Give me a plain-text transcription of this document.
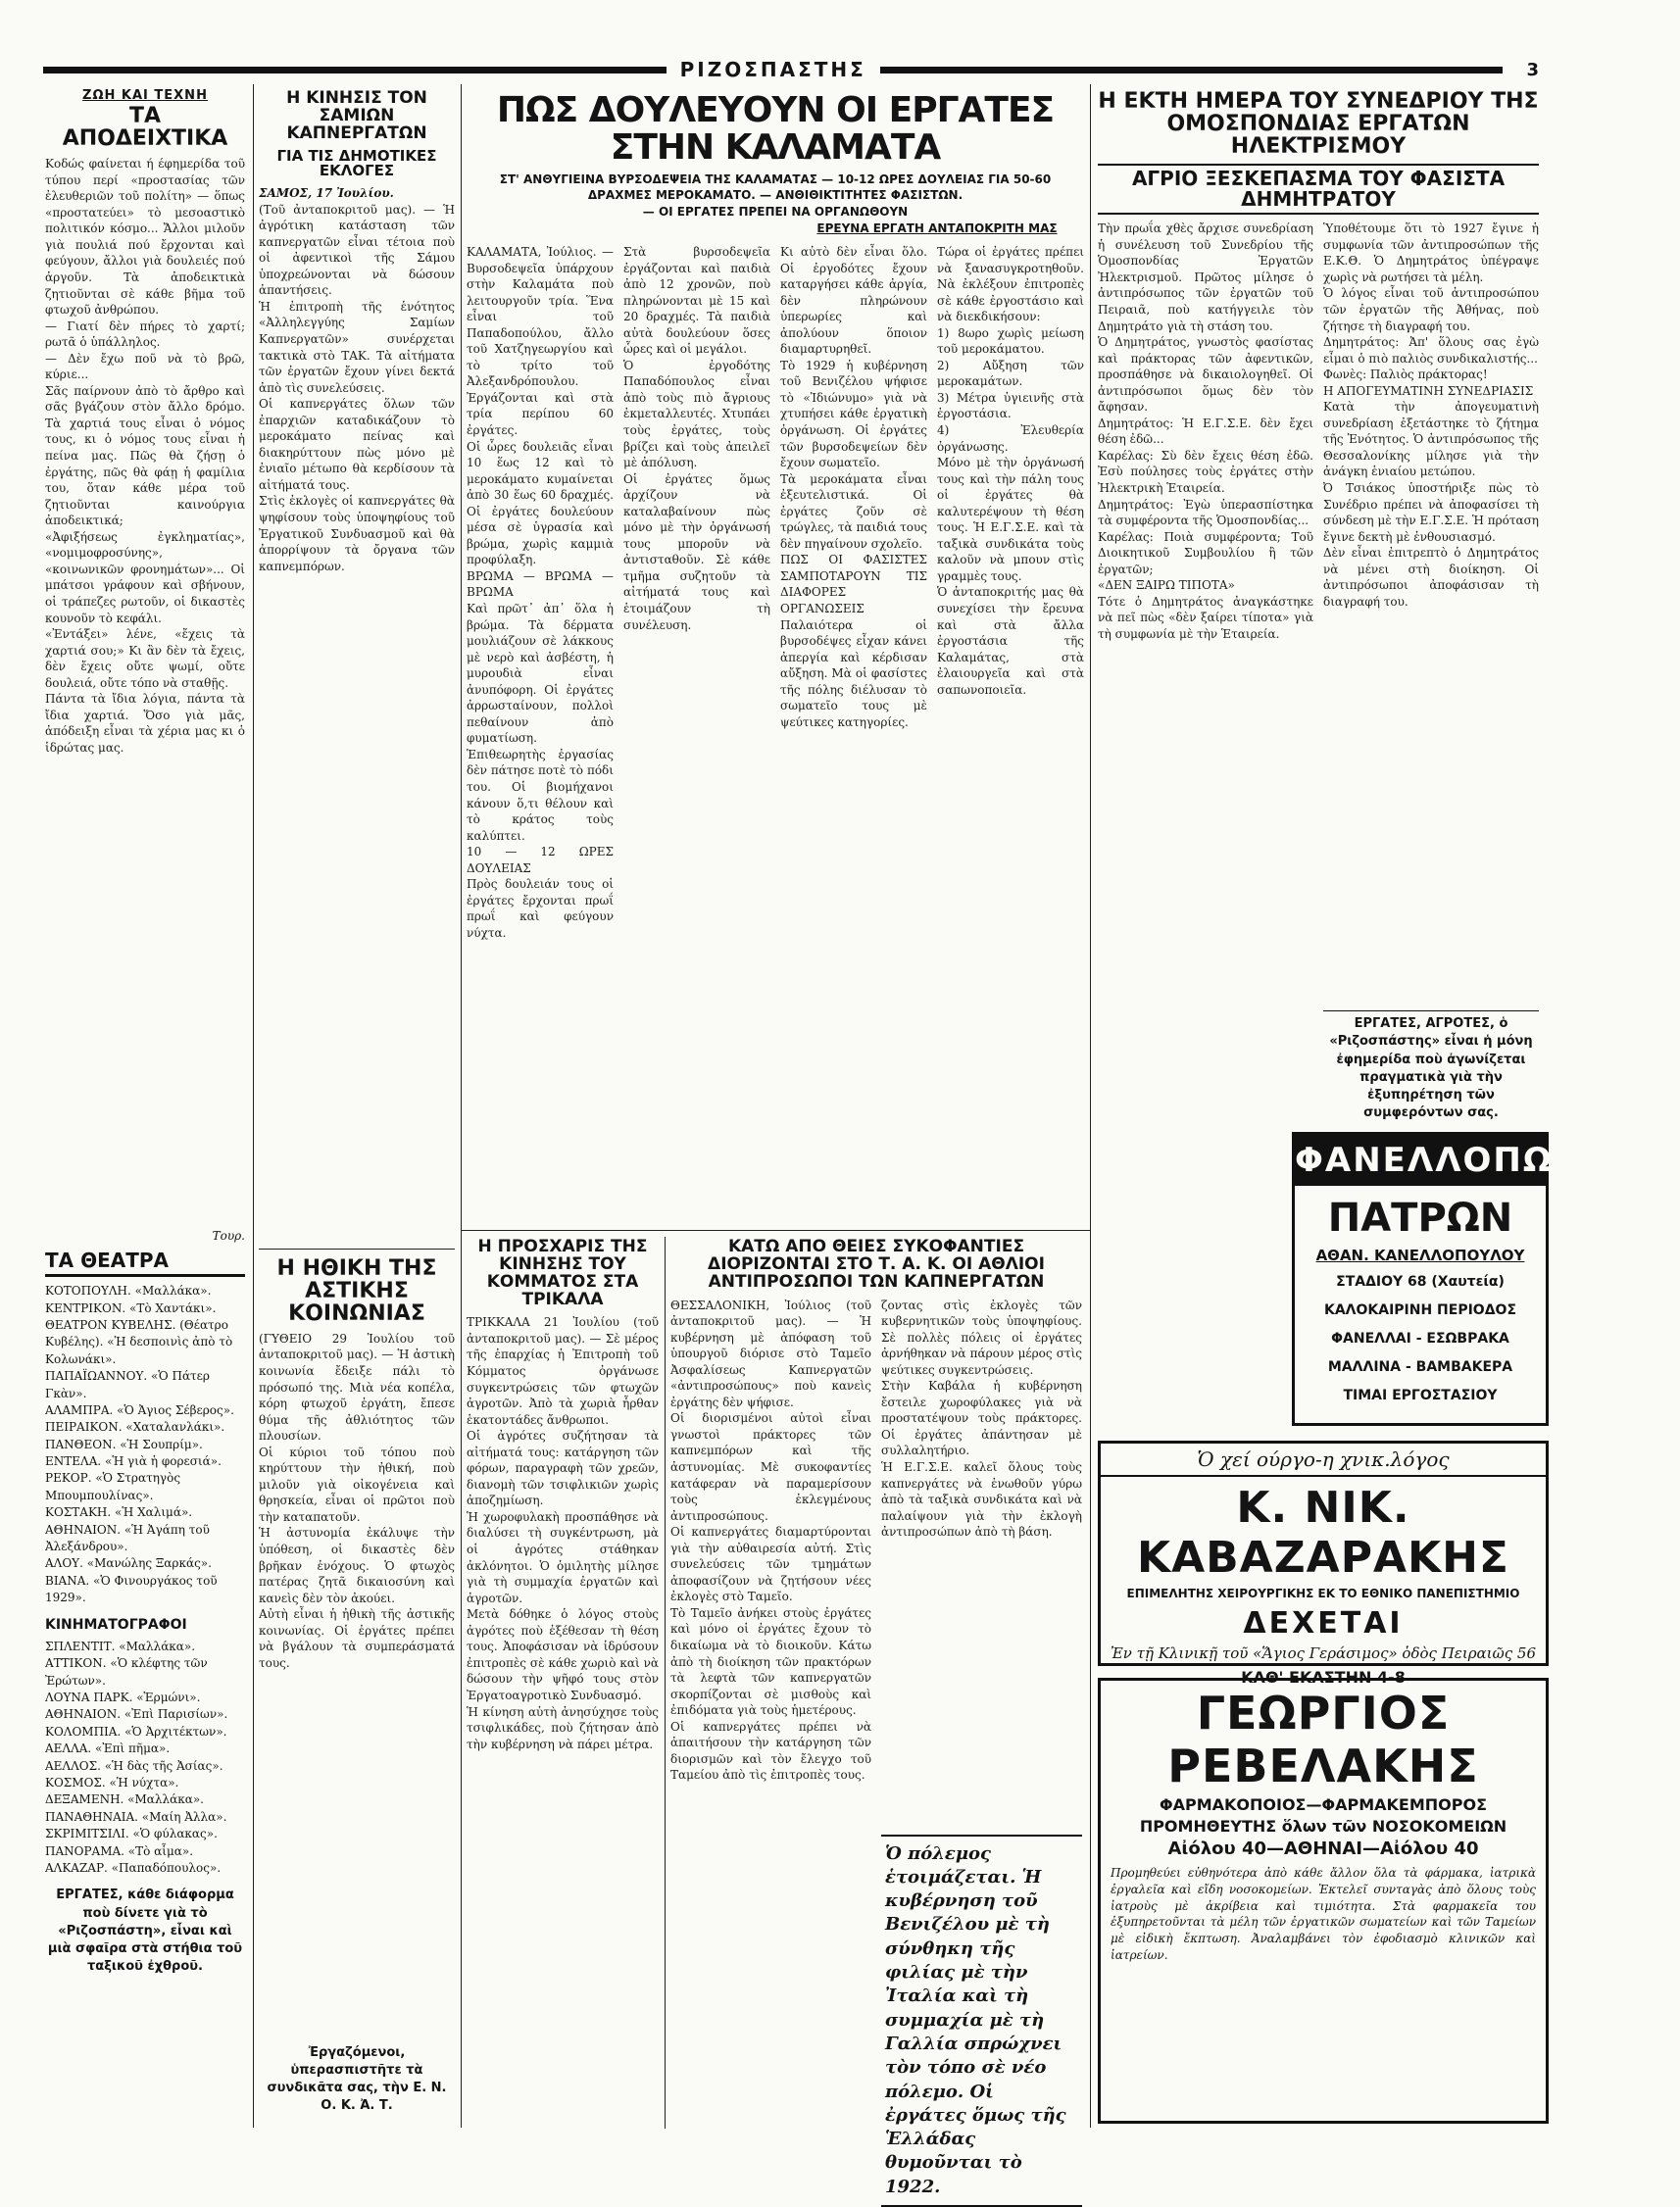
ΡΙΖΟΣΠΑΣΤΗΣ	3
ΖΩΗ ΚΑΙ ΤΕΧΝΗ
ΤΑ ΑΠΟΔΕΙΧΤΙΚΑ
Κοδώς φαίνεται ή έφημερίδα τοῦ τύπου περί «προστασίας τῶν ἐλευθεριῶν τοῦ πολίτη» — ὅπως «προστατεύει» τὸ μεσοαστικὸ πολιτικόν κόσμο... Ἄλλοι μιλοῦν γιὰ πουλιά πού ἔρχονται καὶ φεύγουν, ἄλλοι γιὰ δουλειές πού ἀργοῦν. Τὰ ἀποδεικτικὰ ζητιοῦνται σὲ κάθε βῆμα τοῦ φτωχοῦ ἀνθρώπου.
— Γιατί δὲν πήρες τὸ χαρτί; ρωτᾶ ὁ ὑπάλληλος.
— Δὲν ἔχω ποῦ νὰ τὸ βρῶ, κύριε...
Σᾶς παίρνουν ἀπὸ τὸ ἄρθρο καὶ σᾶς βγάζουν στὸν ἄλλο δρόμο. Τὰ χαρτιά τους εἶναι ὁ νόμος τους, κι ὁ νόμος τους εἶναι ἡ πείνα μας. Πῶς θὰ ζήσῃ ὁ ἐργάτης, πῶς θὰ φάῃ ἡ φαμίλια του, ὅταν κάθε μέρα τοῦ ζητιοῦνται καινούργια ἀποδεικτικά;
«Ἀφιξήσεως ἐγκληματίας», «νομιμοφροσύνης», «κοινωνικῶν φρονημάτων»... Οἱ μπάτσοι γράφουν καὶ σβήνουν, οἱ τράπεζες ρωτοῦν, οἱ δικαστὲς κουνοῦν τὸ κεφάλι.
«Ἐντάξει» λένε, «ἔχεις τὰ χαρτιά σου;» Κι ἂν δὲν τὰ ἔχεις, δὲν ἔχεις οὔτε ψωμί, οὔτε δουλειά, οὔτε τόπο νὰ σταθῇς.
Πάντα τὰ ἴδια λόγια, πάντα τὰ ἴδια χαρτιά. Ὅσο γιὰ μᾶς, ἀπόδειξη εἶναι τὰ χέρια μας κι ὁ ἱδρώτας μας.
Τουρ.
ΤΑ ΘΕΑΤΡΑ

ΚΟΤΟΠΟΥΛΗ. «Μαλλάκα».

ΚΕΝΤΡΙΚΟΝ. «Τὸ Χαντάκι».

ΘΕΑΤΡΟΝ ΚΥΒΕΛΗΣ. (Θέατρο Κυβέλης). «Ἡ δεσποινὶς ἀπὸ τὸ Κολωνάκι».

ΠΑΠΑΪΩΑΝΝΟΥ. «Ὁ Πάτερ Γκὰν».

ΑΛΑΜΠΡΑ. «Ὁ Ἀγιος Σέβερος».

ΠΕΙΡΑΙΚΟΝ. «Χαταλανλάκι».

ΠΑΝΘΕΟΝ. «Ἡ Σουπρίμ».

ΕΝΤΕΛΑ. «Ἡ γιὰ ἡ φορεσιά».

ΡΕΚΟΡ. «Ὁ Στρατηγὸς Μπουμπουλίνας».

ΚΟΣΤΑΚΗ. «Ἡ Χαλιμά».

ΑΘΗΝΑΙΟΝ. «Ἡ Ἀγάπη τοῦ Ἀλεξάνδρου».

ΑΛΟΥ. «Μανώλης Ξαρκάς».

ΒΙΑΝΑ. «Ὁ Φινουργάκος τοῦ 1929».

ΚΙΝΗΜΑΤΟΓΡΑΦΟΙ

ΣΠΛΕΝΤΙΤ. «Μαλλάκα».

ΑΤΤΙΚΟΝ. «Ὁ κλέφτης τῶν Ἐρώτων».

ΛΟΥΝΑ ΠΑΡΚ. «Ἑρμώνι».

ΑΘΗΝΑΙΟΝ. «Ἐπὶ Παρισίων».

ΚΟΛΟΜΠΙΑ. «Ὁ Ἀρχιτέκτων».

ΑΕΛΛΑ. «Ἐπὶ πῆμα».

ΑΕΛΛΟΣ. «Ἡ δὰς τῆς Ἀσίας».

ΚΟΣΜΟΣ. «Ἡ νύχτα».

ΔΕΞΑΜΕΝΗ. «Μαλλάκα».

ΠΑΝΑΘΗΝΑΙΑ. «Μαίη Ἀλλα».

ΣΚΡΙΜΙΤΣΙΛΙ. «Ὁ φύλακας».

ΠΑΝΟΡΑΜΑ. «Τὸ αἷμα».

ΑΛΚΑΖΑΡ. «Παπαδόπουλος».

ΕΡΓΑΤΕΣ, κάθε διάφορμα ποὺ δίνετε γιὰ τὸ «Ριζοσπάστη», εἶναι καὶ μιὰ σφαῖρα στὰ στήθια τοῦ ταξικοῦ ἐχθροῦ.
Η ΚΙΝΗΣΙΣ ΤΟΝ ΣΑΜΙΩΝ ΚΑΠΝΕΡΓΑΤΩΝ
ΓΙΑ ΤΙΣ ΔΗΜΟΤΙΚΕΣ ΕΚΛΟΓΕΣ
ΣΑΜΟΣ, 17 Ἰουλίου.
(Τοῦ ἀνταποκριτοῦ μας). — Ἡ ἀγρότικη κατάσταση τῶν καπνεργατῶν εἶναι τέτοια ποὺ οἱ ἀφεντικοὶ τῆς Σάμου ὑποχρεώνονται νὰ δώσουν ἀπαντήσεις.
Ἡ ἐπιτροπὴ τῆς ἑνότητος «Ἀλληλεγγύης Σαμίων Καπνεργατῶν» συνέρχεται τακτικὰ στὸ ΤΑΚ. Τὰ αἰτήματα τῶν ἐργατῶν ἔχουν γίνει δεκτά ἀπὸ τὶς συνελεύσεις.
Οἱ καπνεργάτες ὅλων τῶν ἐπαρχιῶν καταδικάζουν τὸ μεροκάματο πείνας καὶ διακηρύττουν πὼς μόνο μὲ ἐνιαῖο μέτωπο θὰ κερδίσουν τὰ αἰτήματά τους.
Στὶς ἐκλογὲς οἱ καπνεργάτες θὰ ψηφίσουν τοὺς ὑποψηφίους τοῦ Ἐργατικοῦ Συνδυασμοῦ καὶ θὰ ἀπορρίψουν τὰ ὄργανα τῶν καπνεμπόρων.
Η ΗΘΙΚΗ ΤΗΣ ΑΣΤΙΚΗΣ ΚΟΙΝΩΝΙΑΣ
(ΓΥΘΕΙΟ 29 Ἰουλίου τοῦ ἀνταποκριτοῦ μας). — Ἡ ἀστικὴ κοινωνία ἔδειξε πάλι τὸ πρόσωπό της. Μιὰ νέα κοπέλα, κόρη φτωχοῦ ἐργάτη, ἔπεσε θύμα τῆς ἀθλιότητος τῶν πλουσίων.
Οἱ κύριοι τοῦ τόπου ποὺ κηρύττουν τὴν ἠθική, ποὺ μιλοῦν γιὰ οἰκογένεια καὶ θρησκεία, εἶναι οἱ πρῶτοι ποὺ τὴν καταπατοῦν.
Ἡ ἀστυνομία ἐκάλυψε τὴν ὑπόθεση, οἱ δικαστὲς δὲν βρῆκαν ἐνόχους. Ὁ φτωχὸς πατέρας ζητᾶ δικαιοσύνη καὶ κανεὶς δὲν τὸν ἀκούει.
Αὐτὴ εἶναι ἡ ἠθικὴ τῆς ἀστικῆς κοινωνίας. Οἱ ἐργάτες πρέπει νὰ βγάλουν τὰ συμπεράσματά τους.
Ἐργαζόμενοι, ὑπερασπιστῆτε τὰ συνδικᾶτα σας, τὴν Ε. Ν. Ο. Κ. Ἀ. Τ.
ΠΩΣ ΔΟΥΛΕΥΟΥΝ ΟΙ ΕΡΓΑΤΕΣ ΣΤΗΝ ΚΑΛΑΜΑΤΑ
ΣΤ' ΑΝΘΥΓΙΕΙΝΑ ΒΥΡΣΟΔΕΨΕΙΑ ΤΗΣ ΚΑΛΑΜΑΤΑΣ — 10-12 ΩΡΕΣ ΔΟΥΛΕΙΑΣ ΓΙΑ 50-60
ΔΡΑΧΜΕΣ ΜΕΡΟΚΑΜΑΤΟ. — ΑΝΘΙΘΙΚΤΙΤΗΤΕΣ ΦΑΣΙΣΤΩΝ.
— ΟΙ ΕΡΓΑΤΕΣ ΠΡΕΠΕΙ ΝΑ ΟΡΓΑΝΩΘΟΥΝ
ΕΡΕΥΝΑ ΕΡΓΑΤΗ ΑΝΤΑΠΟΚΡΙΤΗ ΜΑΣ
ΚΑΛΑΜΑΤΑ, Ἰούλιος. — Βυρσοδεψεῖα ὑπάρχουν στὴν Καλαμάτα ποὺ λειτουργοῦν τρία. Ἕνα εἶναι τοῦ Παπαδοπούλου, ἄλλο τοῦ Χατζηγεωργίου καὶ τὸ τρίτο τοῦ Ἀλεξανδρόπουλου. Ἐργάζονται καὶ στὰ τρία περίπου 60 ἐργάτες.
Οἱ ὧρες δουλειᾶς εἶναι 10 ἕως 12 καὶ τὸ μεροκάματο κυμαίνεται ἀπὸ 30 ἕως 60 δραχμές. Οἱ ἐργάτες δουλεύουν μέσα σὲ ὑγρασία καὶ βρώμα, χωρὶς καμμιὰ προφύλαξη.
ΒΡΩΜΑ — ΒΡΩΜΑ — ΒΡΩΜΑ
Καὶ πρῶτ᾽ ἀπ᾽ ὅλα ἡ βρώμα. Τὰ δέρματα μουλιάζουν σὲ λάκκους μὲ νερὸ καὶ ἀσβέστη, ἡ μυρουδιὰ εἶναι ἀνυπόφορη. Οἱ ἐργάτες ἀρρωσταίνουν, πολλοὶ πεθαίνουν ἀπὸ φυματίωση.
Ἑπιθεωρητὴς ἐργασίας δὲν πάτησε ποτὲ τὸ πόδι του. Οἱ βιομήχανοι κάνουν ὅ,τι θέλουν καὶ τὸ κράτος τοὺς καλύπτει.
10 — 12 ΩΡΕΣ ΔΟΥΛΕΙΑΣ
Πρὸς δουλειάν τους οἱ ἐργάτες ἔρχονται πρωΐ πρωΐ καὶ φεύγουν νύχτα.
Στὰ βυρσοδεψεῖα ἐργάζονται καὶ παιδιὰ ἀπὸ 12 χρονῶν, ποὺ πληρώνονται μὲ 15 καὶ 20 δραχμές. Τὰ παιδιὰ αὐτὰ δουλεύουν ὅσες ὧρες καὶ οἱ μεγάλοι.
Ὁ ἐργοδότης Παπαδόπουλος εἶναι ἀπὸ τοὺς πιὸ ἄγριους ἐκμεταλλευτές. Χτυπάει τοὺς ἐργάτες, τοὺς βρίζει καὶ τοὺς ἀπειλεῖ μὲ ἀπόλυση.
Οἱ ἐργάτες ὅμως ἀρχίζουν νὰ καταλαβαίνουν πὼς μόνο μὲ τὴν ὀργάνωσή τους μποροῦν νὰ ἀντισταθοῦν. Σὲ κάθε τμῆμα συζητοῦν τὰ αἰτήματά τους καὶ ἑτοιμάζουν τὴ συνέλευση.
Κι αὐτὸ δὲν εἶναι ὅλο. Οἱ ἐργοδότες ἔχουν καταργήσει κάθε ἀργία, δὲν πληρώνουν ὑπερωρίες καὶ ἀπολύουν ὅποιον διαμαρτυρηθεῖ.
Τὸ 1929 ἡ κυβέρνηση τοῦ Βενιζέλου ψήφισε τὸ «Ἰδιώνυμο» γιὰ νὰ χτυπήσει κάθε ἐργατικὴ ὀργάνωση. Οἱ ἐργάτες τῶν βυρσοδεψείων δὲν ἔχουν σωματεῖο.
Τὰ μεροκάματα εἶναι ἐξευτελιστικά. Οἱ ἐργάτες ζοῦν σὲ τρώγλες, τὰ παιδιά τους δὲν πηγαίνουν σχολεῖο.
ΠΩΣ ΟΙ ΦΑΣΙΣΤΕΣ ΣΑΜΠΟΤΑΡΟΥΝ ΤΙΣ ΔΙΑΦΟΡΕΣ ΟΡΓΑΝΩΣΕΙΣ
Παλαιότερα οἱ βυρσοδέψες εἶχαν κάνει ἀπεργία καὶ κέρδισαν αὔξηση. Μὰ οἱ φασίστες τῆς πόλης διέλυσαν τὸ σωματεῖο τους μὲ ψεύτικες κατηγορίες.
Τώρα οἱ ἐργάτες πρέπει νὰ ξανασυγκροτηθοῦν. Νὰ ἐκλέξουν ἐπιτροπὲς σὲ κάθε ἐργοστάσιο καὶ νὰ διεκδικήσουν:
1) 8ωρο χωρὶς μείωση τοῦ μεροκάματου.
2) Αὔξηση τῶν μεροκαμάτων.
3) Μέτρα ὑγιεινῆς στὰ ἐργοστάσια.
4) Ἐλευθερία ὀργάνωσης.
Μόνο μὲ τὴν ὀργάνωσή τους καὶ τὴν πάλη τους οἱ ἐργάτες θὰ καλυτερέψουν τὴ θέση τους. Ἡ Ε.Γ.Σ.Ε. καὶ τὰ ταξικὰ συνδικάτα τοὺς καλοῦν νὰ μπουν στὶς γραμμὲς τους.
Ὁ ἀνταποκριτής μας θὰ συνεχίσει τὴν ἔρευνα καὶ στὰ ἄλλα ἐργοστάσια τῆς Καλαμάτας, στὰ ἐλαιουργεῖα καὶ στὰ σαπωνοποιεῖα.
Η ΠΡΟΣΧΑΡΙΣ ΤΗΣ ΚΙΝΗΣΗΣ ΤΟΥ ΚΟΜΜΑΤΟΣ ΣΤΑ ΤΡΙΚΑΛΑ
ΤΡΙΚΚΑΛΑ 21 Ἰουλίου (τοῦ ἀνταποκριτοῦ μας). — Σὲ μέρος τῆς ἐπαρχίας ἡ Ἐπιτροπὴ τοῦ Κόμματος ὀργάνωσε συγκεντρώσεις τῶν φτωχῶν ἀγροτῶν. Ἀπὸ τὰ χωριὰ ἦρθαν ἑκατοντάδες ἄνθρωποι.
Οἱ ἀγρότες συζήτησαν τὰ αἰτήματά τους: κατάργηση τῶν φόρων, παραγραφὴ τῶν χρεῶν, διανομὴ τῶν τσιφλικιῶν χωρὶς ἀποζημίωση.
Ἡ χωροφυλακὴ προσπάθησε νὰ διαλύσει τὴ συγκέντρωση, μὰ οἱ ἀγρότες στάθηκαν ἀκλόνητοι. Ὁ ὁμιλητὴς μίλησε γιὰ τὴ συμμαχία ἐργατῶν καὶ ἀγροτῶν.
Μετὰ δόθηκε ὁ λόγος στοὺς ἀγρότες ποὺ ἐξέθεσαν τὴ θέση τους. Ἀποφάσισαν νὰ ἱδρύσουν ἐπιτροπὲς σὲ κάθε χωριὸ καὶ νὰ δώσουν τὴν ψῆφό τους στὸν Ἐργατοαγροτικὸ Συνδυασμό.
Ἡ κίνηση αὐτὴ ἀνησύχησε τοὺς τσιφλικάδες, ποὺ ζήτησαν ἀπὸ τὴν κυβέρνηση νὰ πάρει μέτρα.
ΚΑΤΩ ΑΠΟ ΘΕΙΕΣ ΣΥΚΟΦΑΝΤΙΕΣ ΔΙΟΡΙΖΟΝΤΑΙ ΣΤΟ Τ. Α. Κ. ΟΙ ΑΘΛΙΟΙ ΑΝΤΙΠΡΟΣΩΠΟΙ ΤΩΝ ΚΑΠΝΕΡΓΑΤΩΝ
ΘΕΣΣΑΛΟΝΙΚΗ, Ἰούλιος (τοῦ ἀνταποκριτοῦ μας). — Ἡ κυβέρνηση μὲ ἀπόφαση τοῦ ὑπουργοῦ διόρισε στὸ Ταμεῖο Ἀσφαλίσεως Καπνεργατῶν «ἀντιπροσώπους» ποὺ κανεὶς ἐργάτης δὲν ψήφισε.
Οἱ διορισμένοι αὐτοὶ εἶναι γνωστοὶ πράκτορες τῶν καπνεμπόρων καὶ τῆς ἀστυνομίας. Μὲ συκοφαντίες κατάφεραν νὰ παραμερίσουν τοὺς ἐκλεγμένους ἀντιπροσώπους.
Οἱ καπνεργάτες διαμαρτύρονται γιὰ τὴν αὐθαιρεσία αὐτή. Στὶς συνελεύσεις τῶν τμημάτων ἀποφασίζουν νὰ ζητήσουν νέες ἐκλογὲς στὸ Ταμεῖο.
Τὸ Ταμεῖο ἀνήκει στοὺς ἐργάτες καὶ μόνο οἱ ἐργάτες ἔχουν τὸ δικαίωμα νὰ τὸ διοικοῦν. Κάτω ἀπὸ τὴ διοίκηση τῶν πρακτόρων τὰ λεφτὰ τῶν καπνεργατῶν σκορπίζονται σὲ μισθοὺς καὶ ἐπιδόματα γιὰ τοὺς ἡμετέρους.
Οἱ καπνεργάτες πρέπει νὰ ἀπαιτήσουν τὴν κατάργηση τῶν διορισμῶν καὶ τὸν ἔλεγχο τοῦ Ταμείου ἀπὸ τὶς ἐπιτροπὲς τους.
ζοντας στὶς ἐκλογὲς τῶν κυβερνητικῶν τοὺς ὑποψηφίους. Σὲ πολλὲς πόλεις οἱ ἐργάτες ἀρνήθηκαν νὰ πάρουν μέρος στὶς ψεύτικες συγκεντρώσεις.
Στὴν Καβάλα ἡ κυβέρνηση ἔστειλε χωροφύλακες γιὰ νὰ προστατέψουν τοὺς πράκτορες. Οἱ ἐργάτες ἀπάντησαν μὲ συλλαλητήριο.
Ἡ Ε.Γ.Σ.Ε. καλεῖ ὅλους τοὺς καπνεργάτες νὰ ἑνωθοῦν γύρω ἀπὸ τὰ ταξικὰ συνδικάτα καὶ νὰ παλαίψουν γιὰ τὴν ἐκλογὴ ἀντιπροσώπων ἀπὸ τὴ βάση.
Ὁ πόλεμος ἑτοιμάζεται. Ἡ κυβέρνηση τοῦ Βενιζέλου μὲ τὴ σύνθηκη τῆς φιλίας μὲ τὴν Ἰταλία καὶ τὴ συμμαχία μὲ τὴ Γαλλία σπρώχνει τὸν τόπο σὲ νέο πόλεμο. Οἱ ἐργάτες ὅμως τῆς Ἑλλάδας θυμοῦνται τὸ 1922.
Η ΕΚΤΗ ΗΜΕΡΑ ΤΟΥ ΣΥΝΕΔΡΙΟΥ ΤΗΣ ΟΜΟΣΠΟΝΔΙΑΣ ΕΡΓΑΤΩΝ ΗΛΕΚΤΡΙΣΜΟΥ
ΑΓΡΙΟ ΞΕΣΚΕΠΑΣΜΑ ΤΟΥ ΦΑΣΙΣΤΑ ΔΗΜΗΤΡΑΤΟΥ
Τὴν πρωΐα χθὲς ἄρχισε συνεδρίαση ἡ συνέλευση τοῦ Συνεδρίου τῆς Ὁμοσπονδίας Ἐργατῶν Ἠλεκτρισμοῦ. Πρῶτος μίλησε ὁ ἀντιπρόσωπος τῶν ἐργατῶν τοῦ Πειραιᾶ, ποὺ κατήγγειλε τὸν Δημητράτο γιὰ τὴ στάση του.
Ὁ Δημητράτος, γνωστὸς φασίστας καὶ πράκτορας τῶν ἀφεντικῶν, προσπάθησε νὰ δικαιολογηθεῖ. Οἱ ἀντιπρόσωποι ὅμως δὲν τὸν ἄφησαν.
Δημητράτος: Ἡ Ε.Γ.Σ.Ε. δὲν ἔχει θέση ἐδῶ...
Καρέλας: Σὺ δὲν ἔχεις θέση ἐδῶ. Ἐσὺ πούλησες τοὺς ἐργάτες στὴν Ἠλεκτρικὴ Ἑταιρεία.
Δημητράτος: Ἐγὼ ὑπερασπίστηκα τὰ συμφέροντα τῆς Ὁμοσπονδίας...
Καρέλας: Ποιὰ συμφέροντα; Τοῦ Διοικητικοῦ Συμβουλίου ἢ τῶν ἐργατῶν;
«ΔΕΝ ΞΑΙΡΩ ΤΙΠΟΤΑ»
Τότε ὁ Δημητράτος ἀναγκάστηκε νὰ πεῖ πὼς «δὲν ξαίρει τίποτα» γιὰ τὴ συμφωνία μὲ τὴν Ἑταιρεία.
Ὑποθέτουμε ὅτι τὸ 1927 ἔγινε ἡ συμφωνία τῶν ἀντιπροσώπων τῆς Ε.Κ.Θ. Ὁ Δημητράτος ὑπέγραψε χωρὶς νὰ ρωτήσει τὰ μέλη.
Ὁ λόγος εἶναι τοῦ ἀντιπροσώπου τῶν ἐργατῶν τῆς Ἀθήνας, ποὺ ζήτησε τὴ διαγραφή του.
Δημητράτος: Ἀπ' ὅλους σας ἐγὼ εἶμαι ὁ πιὸ παλιὸς συνδικαλιστής...
Φωνὲς: Παλιὸς πράκτορας!
Η ΑΠΟΓΕΥΜΑΤΙΝΗ ΣΥΝΕΔΡΙΑΣΙΣ
Κατὰ τὴν ἀπογευματινὴ συνεδρίαση ἐξετάστηκε τὸ ζήτημα τῆς Ἑνότητος. Ὁ ἀντιπρόσωπος τῆς Θεσσαλονίκης μίλησε γιὰ τὴν ἀνάγκη ἑνιαίου μετώπου.
Ὀ Τσιάκος ὑποστήριξε πὼς τὸ Συνέδριο πρέπει νὰ ἀποφασίσει τὴ σύνδεση μὲ τὴν Ε.Γ.Σ.Ε. Ἡ πρόταση ἔγινε δεκτὴ μὲ ἐνθουσιασμό.
Δὲν εἶναι ἐπιτρεπτὸ ὁ Δημητράτος νὰ μένει στὴ διοίκηση. Οἱ ἀντιπρόσωποι ἀποφάσισαν τὴ διαγραφή του.
ΕΡΓΑΤΕΣ, ΑΓΡΟΤΕΣ, ὁ «Ριζοσπάστης» εἶναι ἡ μόνη ἐφημερίδα ποὺ ἀγωνίζεται πραγματικὰ γιὰ τὴν ἐξυπηρέτηση τῶν συμφερόντων σας.
ΦΑΝΕΛΛΟΠΩΛΕΙΟΝ
ΠΑΤΡΩΝ
ΑΘΑΝ. ΚΑΝΕΛΛΟΠΟΥΛΟΥ
ΣΤΑΔΙΟΥ 68 (Χαυτεία)
ΚΑΛΟΚΑΙΡΙΝΗ ΠΕΡΙΟΔΟΣ
ΦΑΝΕΛΛΑΙ - ΕΣΩΒΡΑΚΑ
ΜΑΛΛΙΝΑ - ΒΑΜΒΑΚΕΡΑ
ΤΙΜΑΙ ΕΡΓΟΣΤΑΣΙΟΥ
Ὁ χεί ούργο-η χνικ.λόγος
Κ. ΝΙΚ. ΚΑΒΑΖΑΡΑΚΗΣ
ΕΠΙΜΕΛΗΤΗΣ ΧΕΙΡΟΥΡΓΙΚΗΣ ΕΚ ΤΟ ΕΘΝΙΚΟ ΠΑΝΕΠΙΣΤΗΜΙΟ
ΔΕΧΕΤΑΙ
Ἐν τῇ Κλινικῇ τοῦ «Ἅγιος Γεράσιμος» ὁδὸς Πειραιῶς 56
ΚΑΘ' ΕΚΑΣΤΗΝ 4-8
ΓΕΩΡΓΙΟΣ ΡΕΒΕΛΑΚΗΣ
ΦΑΡΜΑΚΟΠΟΙΟΣ—ΦΑΡΜΑΚΕΜΠΟΡΟΣ
ΠΡΟΜΗΘΕΥΤΗΣ ὅλων τῶν ΝΟΣΟΚΟΜΕΙΩΝ
Αἰόλου 40—ΑΘΗΝΑΙ—Αἰόλου 40
Προμηθεύει εὐθηνότερα ἀπὸ κάθε ἄλλον ὅλα τὰ φάρμακα, ἰατρικὰ ἐργαλεῖα καὶ εἴδη νοσοκομείων. Ἐκτελεῖ συνταγὰς ἀπὸ ὅλους τοὺς ἰατροὺς μὲ ἀκρίβεια καὶ τιμιότητα. Στὰ φαρμακεῖα του ἐξυπηρετοῦνται τὰ μέλη τῶν ἐργατικῶν σωματείων καὶ τῶν Ταμείων μὲ εἰδικὴ ἔκπτωση. Ἀναλαμβάνει τὸν ἐφοδιασμὸ κλινικῶν καὶ ἰατρείων.
